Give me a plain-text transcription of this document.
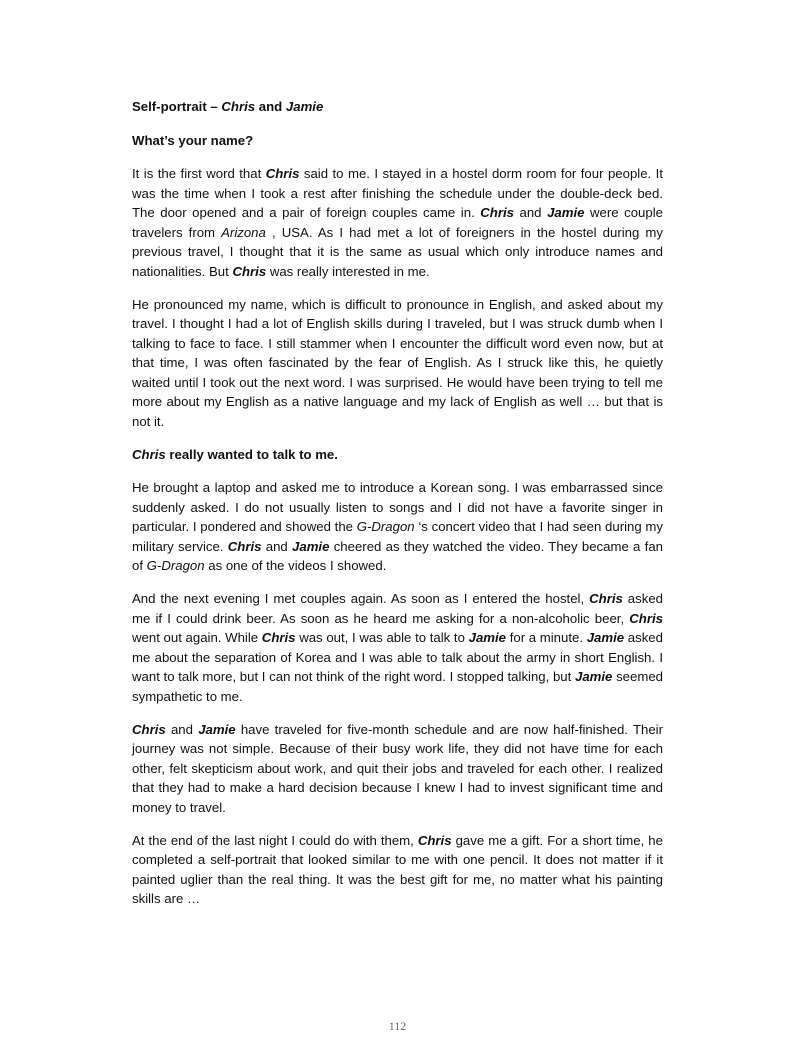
Self-portrait – Chris and Jamie

What’s your name?

It is the first word that Chris said to me. I stayed in a hostel dorm room for four people. It was the time when I took a rest after finishing the schedule under the double-deck bed. The door opened and a pair of foreign couples came in. Chris and Jamie were couple travelers from Arizona , USA. As I had met a lot of foreigners in the hostel during my previous travel, I thought that it is the same as usual which only introduce names and nationalities. But Chris was really interested in me.

He pronounced my name, which is difficult to pronounce in English, and asked about my travel. I thought I had a lot of English skills during I traveled, but I was struck dumb when I talking to face to face. I still stammer when I encounter the difficult word even now, but at that time, I was often fascinated by the fear of English. As I struck like this, he quietly waited until I took out the next word. I was surprised. He would have been trying to tell me more about my English as a native language and my lack of English as well … but that is not it.

Chris really wanted to talk to me.

He brought a laptop and asked me to introduce a Korean song. I was embarrassed since suddenly asked. I do not usually listen to songs and I did not have a favorite singer in particular. I pondered and showed the G-Dragon ‘s concert video that I had seen during my military service. Chris and Jamie cheered as they watched the video. They became a fan of G-Dragon as one of the videos I showed.

And the next evening I met couples again. As soon as I entered the hostel, Chris asked me if I could drink beer. As soon as he heard me asking for a non-alcoholic beer, Chris went out again. While Chris was out, I was able to talk to Jamie for a minute. Jamie asked me about the separation of Korea and I was able to talk about the army in short English. I want to talk more, but I can not think of the right word. I stopped talking, but Jamie seemed sympathetic to me.

Chris and Jamie have traveled for five-month schedule and are now half-finished. Their journey was not simple. Because of their busy work life, they did not have time for each other, felt skepticism about work, and quit their jobs and traveled for each other. I realized that they had to make a hard decision because I knew I had to invest significant time and money to travel.

At the end of the last night I could do with them, Chris gave me a gift. For a short time, he completed a self-portrait that looked similar to me with one pencil. It does not matter if it painted uglier than the real thing. It was the best gift for me, no matter what his painting skills are …

112
